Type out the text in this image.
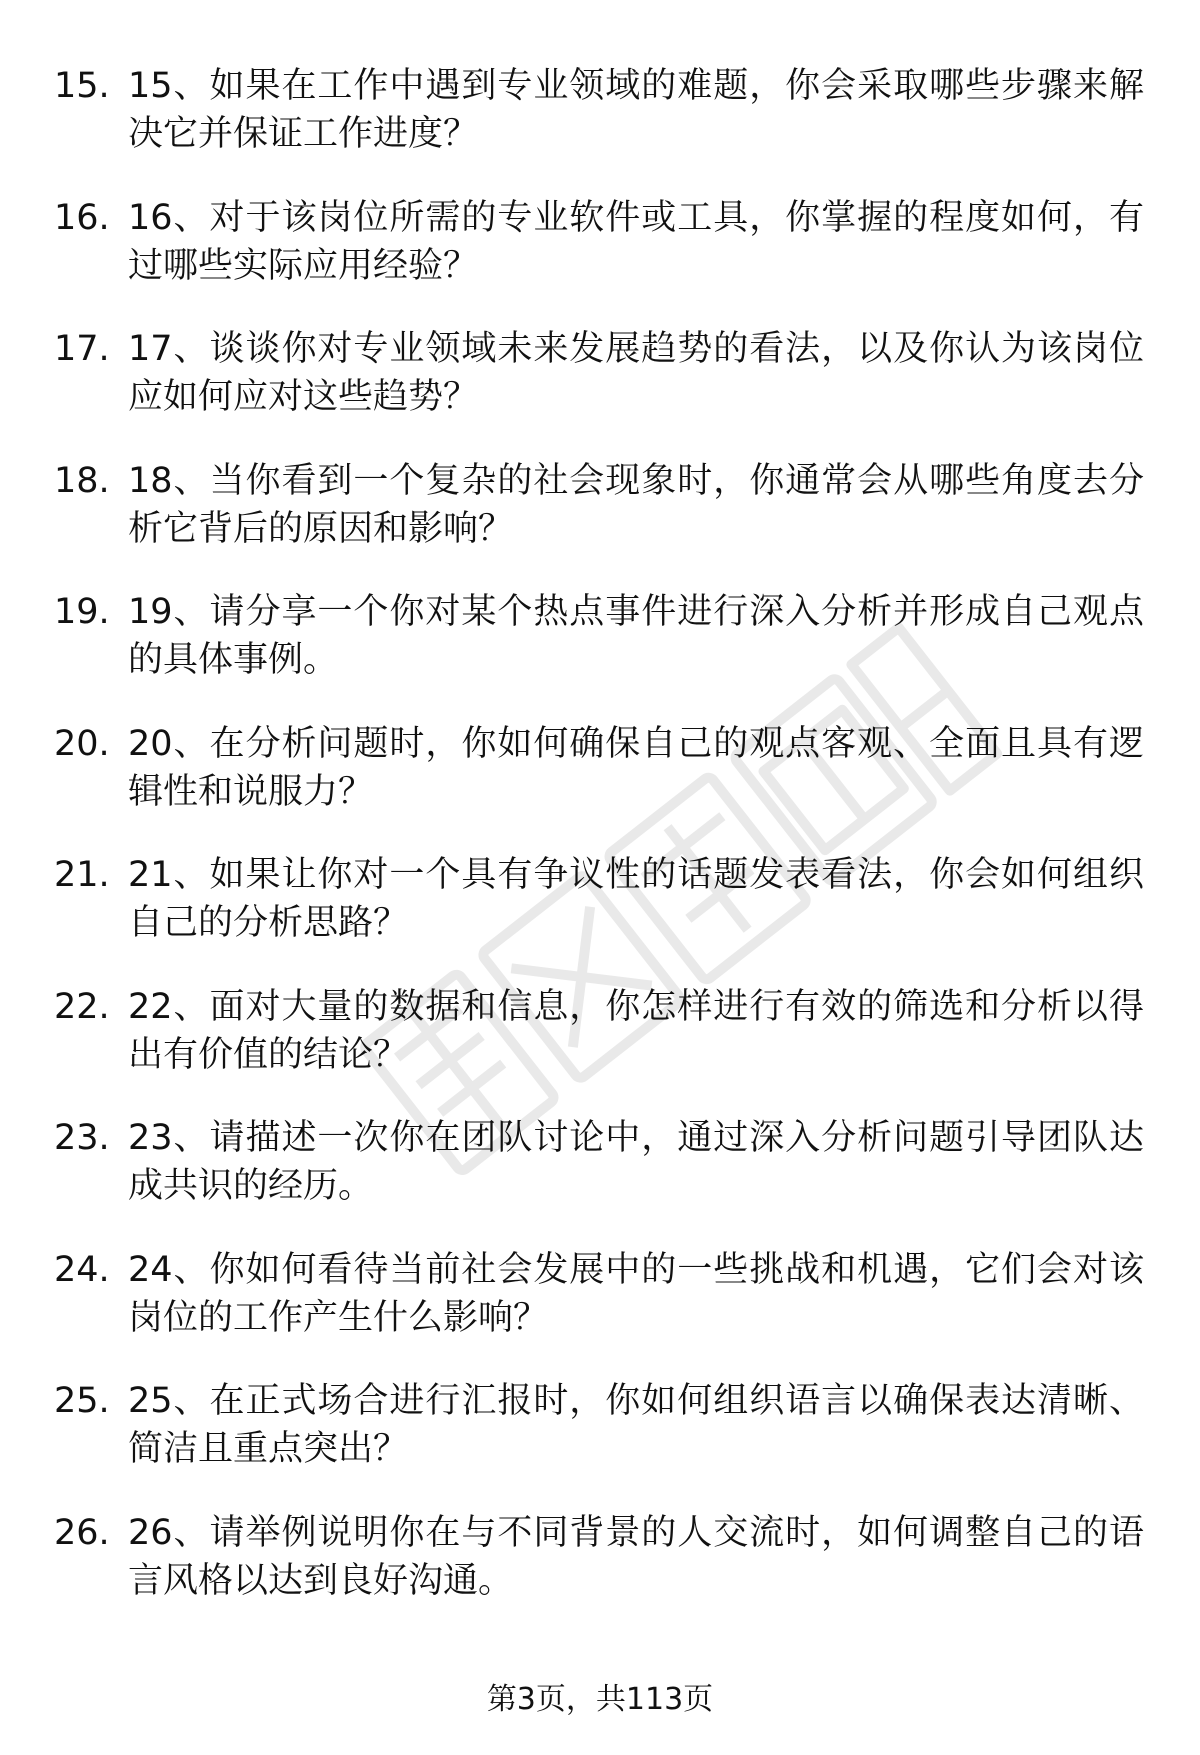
15. 15、如果在工作中遇到专业领域的难题，你会采取哪些步骤来解决它并保证工作进度？
16. 16、对于该岗位所需的专业软件或工具，你掌握的程度如何，有过哪些实际应用经验？
17. 17、谈谈你对专业领域未来发展趋势的看法，以及你认为该岗位应如何应对这些趋势？
18. 18、当你看到一个复杂的社会现象时，你通常会从哪些角度去分析它背后的原因和影响？
19. 19、请分享一个你对某个热点事件进行深入分析并形成自己观点的具体事例。
20. 20、在分析问题时，你如何确保自己的观点客观、全面且具有逻辑性和说服力？
21. 21、如果让你对一个具有争议性的话题发表看法，你会如何组织自己的分析思路？
22. 22、面对大量的数据和信息，你怎样进行有效的筛选和分析以得出有价值的结论？
23. 23、请描述一次你在团队讨论中，通过深入分析问题引导团队达成共识的经历。
24. 24、你如何看待当前社会发展中的一些挑战和机遇，它们会对该岗位的工作产生什么影响？
25. 25、在正式场合进行汇报时，你如何组织语言以确保表达清晰、简洁且重点突出？
26. 26、请举例说明你在与不同背景的人交流时，如何调整自己的语言风格以达到良好沟通。
第3页，共113页
